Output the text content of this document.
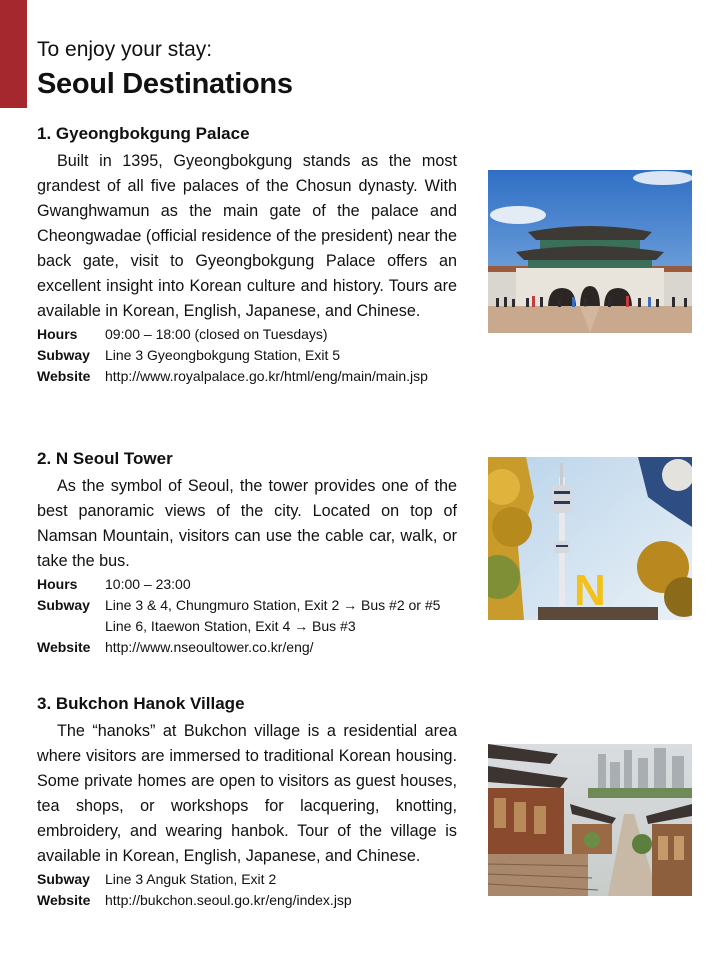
To enjoy your stay:
Seoul Destinations
1. Gyeongbokgung Palace

Built in 1395, Gyeongbokgung stands as the most grandest of all five palaces of the Chosun dynasty. With Gwanghwamun as the main gate of the palace and Cheongwadae (official residence of the president) near the back gate, visit to Gyeongbokgung Palace offers an excellent insight into Korean culture and history. Tours are available in Korean, English, Japanese, and Chinese.

Hours 09:00 – 18:00 (closed on Tuesdays)
Subway Line 3 Gyeongbokgung Station, Exit 5
Website http://www.royalpalace.go.kr/html/eng/main/main.jsp
2. N Seoul Tower

As the symbol of Seoul, the tower provides one of the best panoramic views of the city. Located on top of Namsan Mountain, visitors can use the cable car, walk, or take the bus.

Hours 10:00 – 23:00
Subway Line 3 & 4, Chungmuro Station, Exit 2 → Bus #2 or #5
Line 6, Itaewon Station, Exit 4 → Bus #3
Website http://www.nseoultower.co.kr/eng/
N
3. Bukchon Hanok Village

The “hanoks” at Bukchon village is a residential area where visitors are immersed to traditional Korean housing. Some private homes are open to visitors as guest houses, tea shops, or workshops for lacquering, knotting, embroidery, and wearing hanbok. Tour of the village is available in Korean, English, Japanese, and Chinese.

Subway Line 3 Anguk Station, Exit 2
Website http://bukchon.seoul.go.kr/eng/index.jsp
